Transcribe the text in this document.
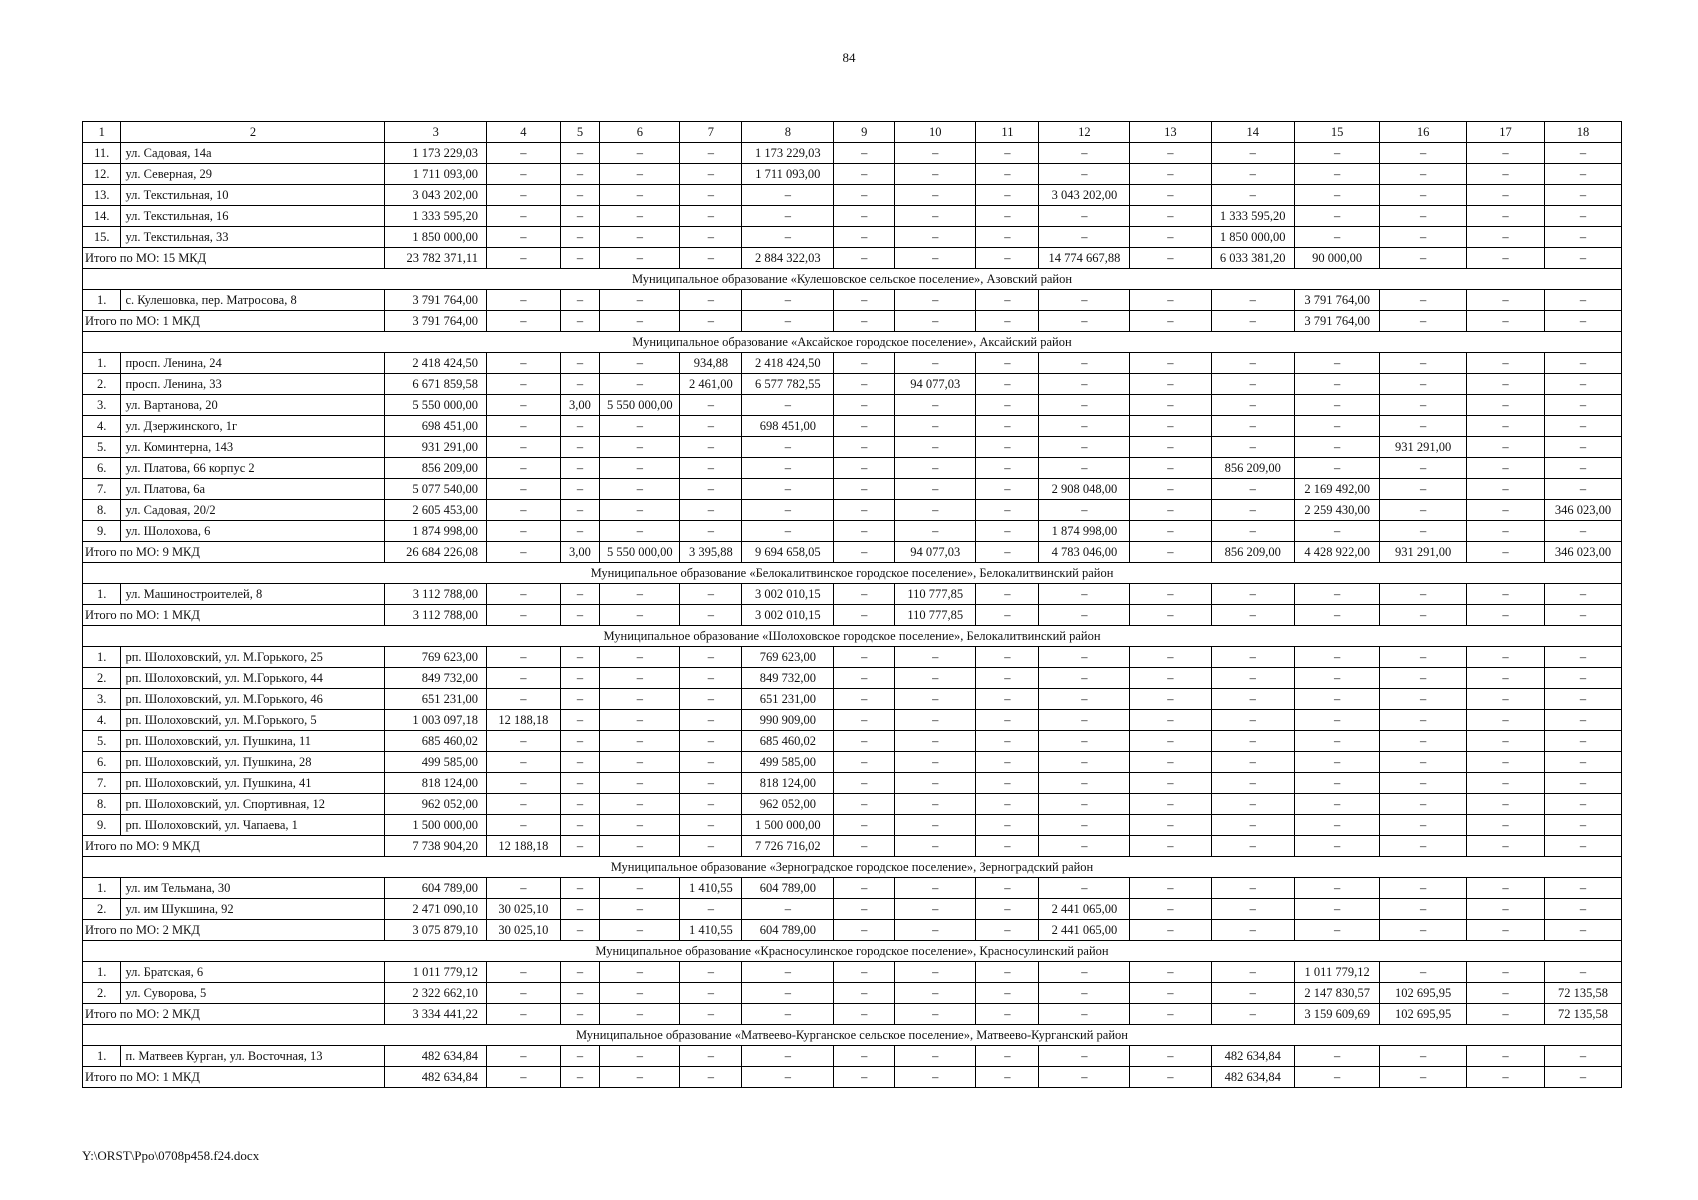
84
1	2	3	4	5	6	7	8	9	10	11	12	13	14	15	16	17	18
11.	ул. Садовая, 14а	1 173 229,03	–	–	–	–	1 173 229,03	–	–	–	–	–	–	–	–	–	–
12.	ул. Северная, 29	1 711 093,00	–	–	–	–	1 711 093,00	–	–	–	–	–	–	–	–	–	–
13.	ул. Текстильная, 10	3 043 202,00	–	–	–	–	–	–	–	–	3 043 202,00	–	–	–	–	–	–
14.	ул. Текстильная, 16	1 333 595,20	–	–	–	–	–	–	–	–	–	–	1 333 595,20	–	–	–	–
15.	ул. Текстильная, 33	1 850 000,00	–	–	–	–	–	–	–	–	–	–	1 850 000,00	–	–	–	–
Итого по МО: 15 МКД		23 782 371,11	–	–	–	–	2 884 322,03	–	–	–	14 774 667,88	–	6 033 381,20	90 000,00	–	–	–
Муниципальное образование «Кулешовское сельское поселение», Азовский район																	
1.	с. Кулешовка, пер. Матросова, 8	3 791 764,00	–	–	–	–	–	–	–	–	–	–	–	3 791 764,00	–	–	–
Итого по МО: 1 МКД		3 791 764,00	–	–	–	–	–	–	–	–	–	–	–	3 791 764,00	–	–	–
Муниципальное образование «Аксайское городское поселение», Аксайский район																	
1.	просп. Ленина, 24	2 418 424,50	–	–	–	934,88	2 418 424,50	–	–	–	–	–	–	–	–	–	–
2.	просп. Ленина, 33	6 671 859,58	–	–	–	2 461,00	6 577 782,55	–	94 077,03	–	–	–	–	–	–	–	–
3.	ул. Вартанова, 20	5 550 000,00	–	3,00	5 550 000,00	–	–	–	–	–	–	–	–	–	–	–	–
4.	ул. Дзержинского, 1г	698 451,00	–	–	–	–	698 451,00	–	–	–	–	–	–	–	–	–	–
5.	ул. Коминтерна, 143	931 291,00	–	–	–	–	–	–	–	–	–	–	–	–	931 291,00	–	–
6.	ул. Платова, 66 корпус 2	856 209,00	–	–	–	–	–	–	–	–	–	–	856 209,00	–	–	–	–
7.	ул. Платова, 6а	5 077 540,00	–	–	–	–	–	–	–	–	2 908 048,00	–	–	2 169 492,00	–	–	–
8.	ул. Садовая, 20/2	2 605 453,00	–	–	–	–	–	–	–	–	–	–	–	2 259 430,00	–	–	346 023,00
9.	ул. Шолохова, 6	1 874 998,00	–	–	–	–	–	–	–	–	1 874 998,00	–	–	–	–	–	–
Итого по МО: 9 МКД		26 684 226,08	–	3,00	5 550 000,00	3 395,88	9 694 658,05	–	94 077,03	–	4 783 046,00	–	856 209,00	4 428 922,00	931 291,00	–	346 023,00
Муниципальное образование «Белокалитвинское городское поселение», Белокалитвинский район																	
1.	ул. Машиностроителей, 8	3 112 788,00	–	–	–	–	3 002 010,15	–	110 777,85	–	–	–	–	–	–	–	–
Итого по МО: 1 МКД		3 112 788,00	–	–	–	–	3 002 010,15	–	110 777,85	–	–	–	–	–	–	–	–
Муниципальное образование «Шолоховское городское поселение», Белокалитвинский район																	
1.	рп. Шолоховский, ул. М.Горького, 25	769 623,00	–	–	–	–	769 623,00	–	–	–	–	–	–	–	–	–	–
2.	рп. Шолоховский, ул. М.Горького, 44	849 732,00	–	–	–	–	849 732,00	–	–	–	–	–	–	–	–	–	–
3.	рп. Шолоховский, ул. М.Горького, 46	651 231,00	–	–	–	–	651 231,00	–	–	–	–	–	–	–	–	–	–
4.	рп. Шолоховский, ул. М.Горького, 5	1 003 097,18	12 188,18	–	–	–	990 909,00	–	–	–	–	–	–	–	–	–	–
5.	рп. Шолоховский, ул. Пушкина, 11	685 460,02	–	–	–	–	685 460,02	–	–	–	–	–	–	–	–	–	–
6.	рп. Шолоховский, ул. Пушкина, 28	499 585,00	–	–	–	–	499 585,00	–	–	–	–	–	–	–	–	–	–
7.	рп. Шолоховский, ул. Пушкина, 41	818 124,00	–	–	–	–	818 124,00	–	–	–	–	–	–	–	–	–	–
8.	рп. Шолоховский, ул. Спортивная, 12	962 052,00	–	–	–	–	962 052,00	–	–	–	–	–	–	–	–	–	–
9.	рп. Шолоховский, ул. Чапаева, 1	1 500 000,00	–	–	–	–	1 500 000,00	–	–	–	–	–	–	–	–	–	–
Итого по МО: 9 МКД		7 738 904,20	12 188,18	–	–	–	7 726 716,02	–	–	–	–	–	–	–	–	–	–
Муниципальное образование «Зерноградское городское поселение», Зерноградский район																	
1.	ул. им Тельмана, 30	604 789,00	–	–	–	1 410,55	604 789,00	–	–	–	–	–	–	–	–	–	–
2.	ул. им Шукшина, 92	2 471 090,10	30 025,10	–	–	–	–	–	–	–	2 441 065,00	–	–	–	–	–	–
Итого по МО: 2 МКД		3 075 879,10	30 025,10	–	–	1 410,55	604 789,00	–	–	–	2 441 065,00	–	–	–	–	–	–
Муниципальное образование «Красносулинское городское поселение», Красносулинский район																	
1.	ул. Братская, 6	1 011 779,12	–	–	–	–	–	–	–	–	–	–	–	1 011 779,12	–	–	–
2.	ул. Суворова, 5	2 322 662,10	–	–	–	–	–	–	–	–	–	–	–	2 147 830,57	102 695,95	–	72 135,58
Итого по МО: 2 МКД		3 334 441,22	–	–	–	–	–	–	–	–	–	–	–	3 159 609,69	102 695,95	–	72 135,58
Муниципальное образование «Матвеево-Курганское сельское поселение», Матвеево-Курганский район																	
1.	п. Матвеев Курган, ул. Восточная, 13	482 634,84	–	–	–	–	–	–	–	–	–	–	482 634,84	–	–	–	–
Итого по МО: 1 МКД		482 634,84	–	–	–	–	–	–	–	–	–	–	482 634,84	–	–	–	–
Y:\ORST\Ppo\0708p458.f24.docx
